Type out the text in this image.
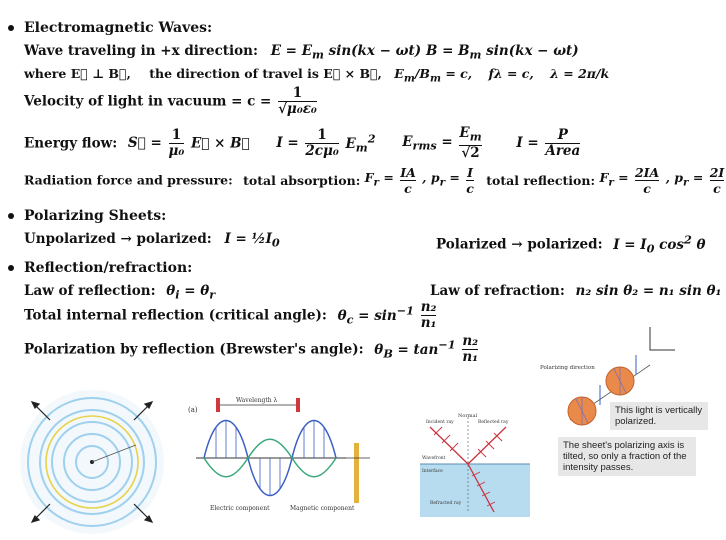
Electromagnetic Waves:
Wave traveling in +x direction: $E = E_m$ sin(kx − ωt) $B = B_m$ sin(kx − ωt)
where E⃗ ⊥ B⃗, the direction of travel is E⃗ × B⃗, $E_m/B_m = c$, fλ = c, λ = 2π/k
Velocity of light in vacuum = $c = \frac{1}{\text{√μ₀ε₀}}$
Energy flow: S⃗ = $\frac{1}{\text{μ₀}}$ E⃗ × B⃗ $I = \frac{1}{\text{2cμ₀}} E_m^2$ $E_{rms} = \frac{E_m}{√2}$	$I = \frac{P}{\text{Area}}$
Radiation force and pressure: total absorption: $F_r = \frac{IA}{c}$ , $p_r = \frac{I}{c}$ total reflection: $F_r = \frac{2IA}{c}$ , $p_r = \frac{2I}{c}$
Polarizing Sheets:
Unpolarized → polarized: $I = \frac{1}{2}I_0$	Polarized → polarized: $I = I_0$ $\cos^2 \theta$
Reflection/refraction:
Law of reflection: $\theta_i = \theta_r$	Law of refraction: n₂ sin θ₂ = n₁ sin θ₁
Total internal reflection (critical angle): $\theta_c = \sin^{-1} \frac{\text{n₂}}{\text{n₁}}$
Polarization by reflection (Brewster's angle): $\theta_B = \tan^{-1} \frac{\text{n₂}}{\text{n₁}}$
(a)
Wavelength λ
Electric component	Magnetic component
Normal
Incident ray	Reflected ray
Wavefront
Interface
Refracted ray
Polarizing direction
This light is vertically polarized.
The sheet's polarizing axis is tilted, so only a fraction of the intensity passes.
